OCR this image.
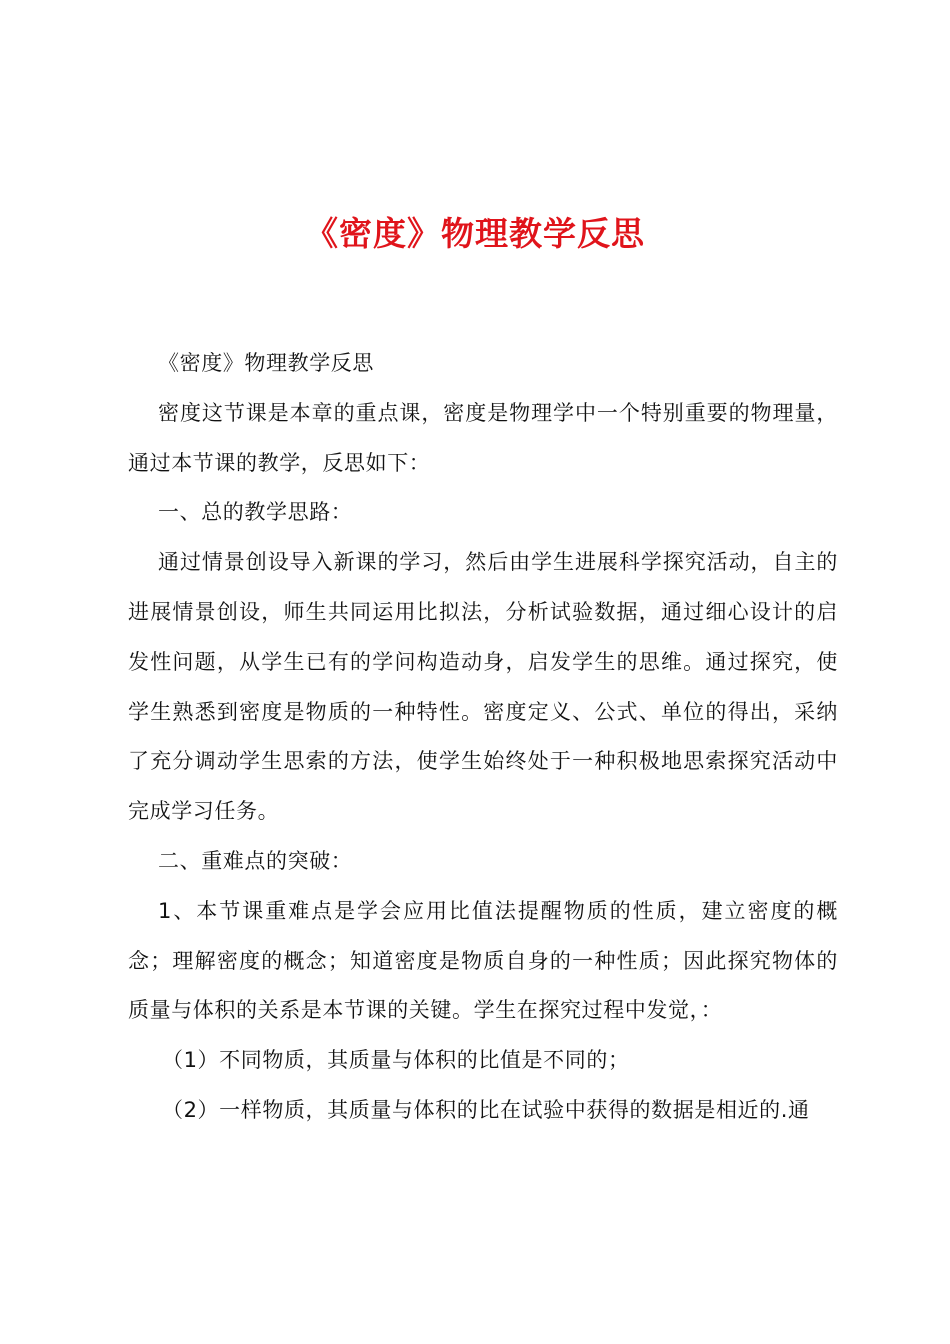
《密度》物理教学反思

《密度》物理教学反思

密度这节课是本章的重点课，密度是物理学中一个特别重要的物理量，通过本节课的教学，反思如下：

一、总的教学思路：

通过情景创设导入新课的学习，然后由学生进展科学探究活动，自主的进展情景创设，师生共同运用比拟法，分析试验数据，通过细心设计的启发性问题，从学生已有的学问构造动身，启发学生的思维。通过探究，使学生熟悉到密度是物质的一种特性。密度定义、公式、单位的得出，采纳了充分调动学生思索的方法，使学生始终处于一种积极地思索探究活动中完成学习任务。

二、重难点的突破：

1、本节课重难点是学会应用比值法提醒物质的性质，建立密度的概念；理解密度的概念；知道密度是物质自身的一种性质；因此探究物体的质量与体积的关系是本节课的关键。学生在探究过程中发觉，：

（1）不同物质，其质量与体积的比值是不同的；

（2）一样物质，其质量与体积的比在试验中获得的数据是相近的.通
